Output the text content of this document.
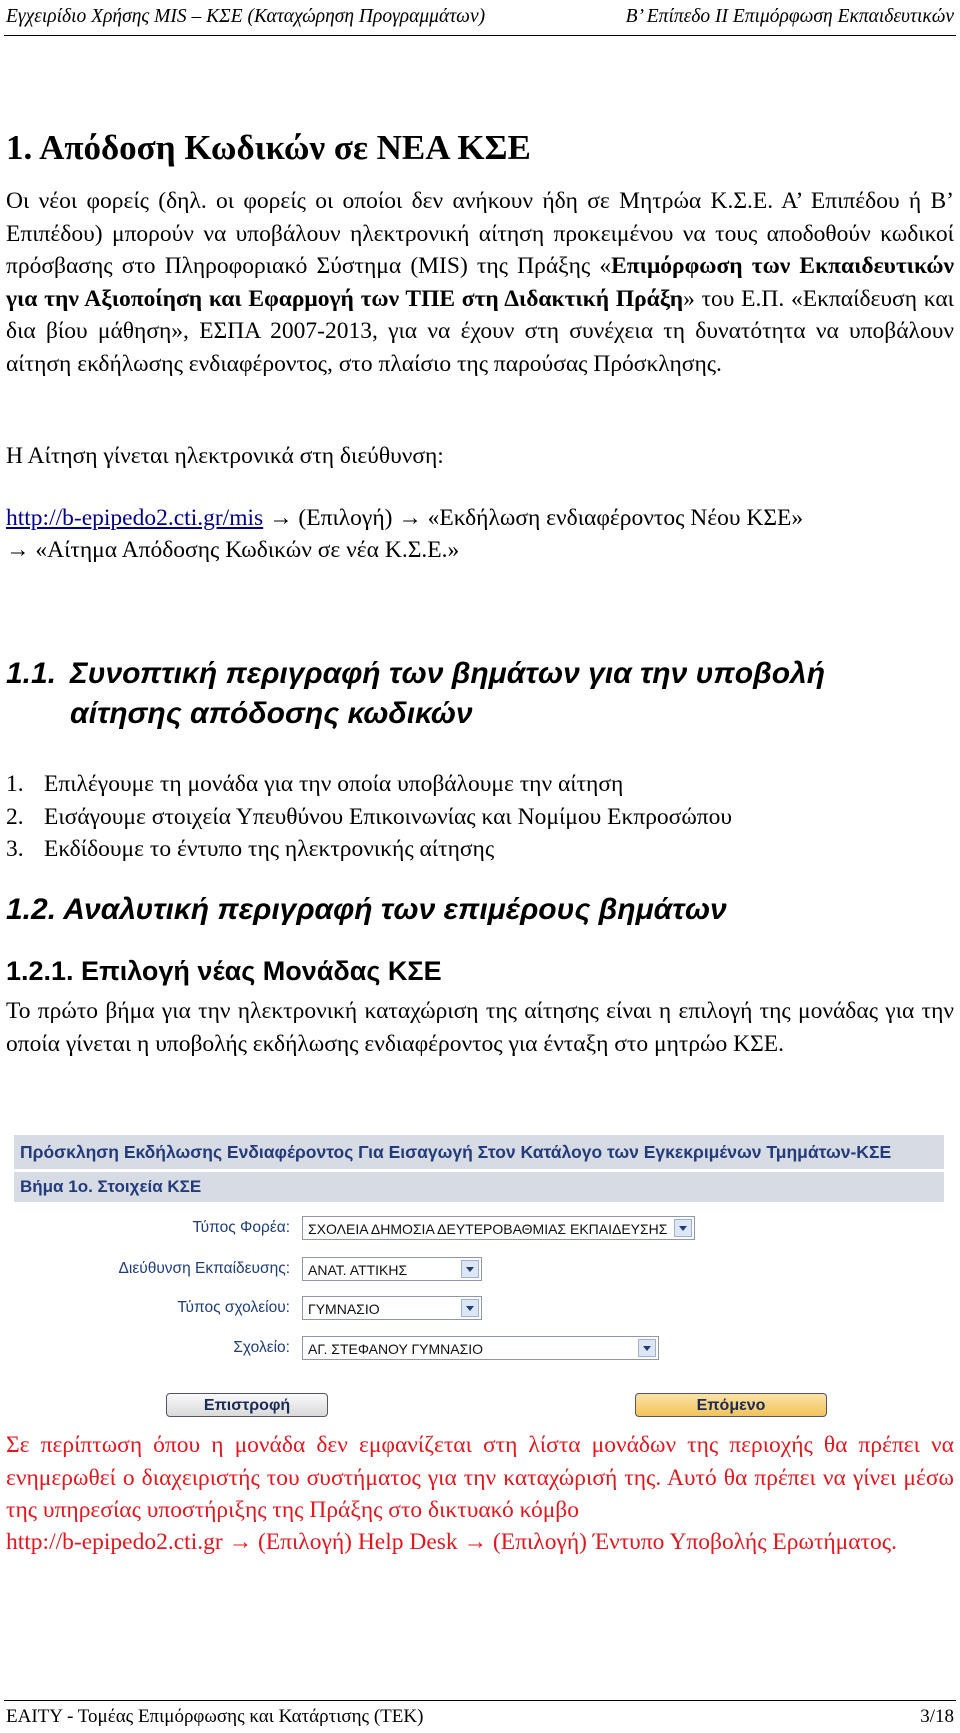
Εγχειρίδιο Χρήσης MIS – ΚΣΕ (Καταχώρηση Προγραμμάτων)	Β’ Επίπεδο ΙΙ Επιμόρφωση Εκπαιδευτικών
1. Απόδοση Κωδικών σε ΝΕΑ ΚΣΕ
Οι νέοι φορείς (δηλ. οι φορείς οι οποίοι δεν ανήκουν ήδη σε Μητρώα Κ.Σ.Ε. Α’ Επιπέδου ή Β’ Επιπέδου) μπορούν να υποβάλουν ηλεκτρονική αίτηση προκειμένου να τους αποδοθούν κωδικοί πρόσβασης στο Πληροφοριακό Σύστημα (MIS) της Πράξης «Επιμόρφωση των Εκπαιδευτικών για την Αξιοποίηση και Εφαρμογή των ΤΠΕ στη Διδακτική Πράξη» του Ε.Π. «Εκπαίδευση και δια βίου μάθηση», ΕΣΠΑ 2007-2013, για να έχουν στη συνέχεια τη δυνατότητα να υποβάλουν αίτηση εκδήλωσης ενδιαφέροντος, στο πλαίσιο της παρούσας Πρόσκλησης.
Η Αίτηση γίνεται ηλεκτρονικά στη διεύθυνση:
http://b-epipedo2.cti.gr/mis → (Επιλογή) → «Εκδήλωση ενδιαφέροντος Νέου ΚΣΕ»
→ «Αίτημα Απόδοσης Κωδικών σε νέα Κ.Σ.Ε.»
1.1. Συνοπτική περιγραφή των βημάτων για την υποβολή
αίτησης απόδοσης κωδικών
1. Επιλέγουμε τη μονάδα για την οποία υποβάλουμε την αίτηση
2. Εισάγουμε στοιχεία Υπευθύνου Επικοινωνίας και Νομίμου Εκπροσώπου
3. Εκδίδουμε το έντυπο της ηλεκτρονικής αίτησης
1.2. Αναλυτική περιγραφή των επιμέρους βημάτων
1.2.1. Επιλογή νέας Μονάδας ΚΣΕ
Το πρώτο βήμα για την ηλεκτρονική καταχώριση της αίτησης είναι η επιλογή της μονάδας για την οποία γίνεται η υποβολής εκδήλωσης ενδιαφέροντος για ένταξη στο μητρώο ΚΣΕ.
Πρόσκληση Εκδήλωσης Ενδιαφέροντος Για Εισαγωγή Στον Κατάλογο των Εγκεκριμένων Τμημάτων-ΚΣΕ
Βήμα 1ο. Στοιχεία ΚΣΕ
Τύπος Φορέα:	ΣΧΟΛΕΙΑ ΔΗΜΟΣΙΑ ΔΕΥΤΕΡΟΒΑΘΜΙΑΣ ΕΚΠΑΙΔΕΥΣΗΣ
Διεύθυνση Εκπαίδευσης:	ΑΝΑΤ. ΑΤΤΙΚΗΣ
Τύπος σχολείου:	ΓΥΜΝΑΣΙΟ
Σχολείο:	ΑΓ. ΣΤΕΦΑΝΟΥ ΓΥΜΝΑΣΙΟ
Επιστροφή	Επόμενο
Σε περίπτωση όπου η μονάδα δεν εμφανίζεται στη λίστα μονάδων της περιοχής θα πρέπει να ενημερωθεί ο διαχειριστής του συστήματος για την καταχώρισή της. Αυτό θα πρέπει να γίνει μέσω της υπηρεσίας υποστήριξης της Πράξης στο δικτυακό κόμβο
http://b-epipedo2.cti.gr → (Επιλογή) Help Desk → (Επιλογή) Έντυπο Υποβολής Ερωτήματος.
ΕΑΙΤΥ - Τομέας Επιμόρφωσης και Κατάρτισης (ΤΕΚ)	3/18
